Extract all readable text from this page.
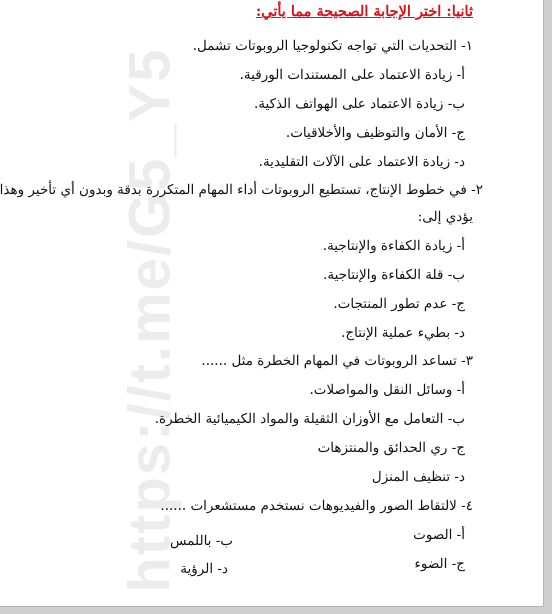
https://t.me/G5_Y5
ثانيا: اختر الإجابة الصحيحة مما يأتي:
١- التحديات التي تواجه تكنولوجيا الروبوتات تشمل.
أ- زيادة الاعتماد على المستندات الورقية.
ب- زيادة الاعتماد على الهواتف الذكية.
ج- الأمان والتوظيف والأخلاقيات.
د- زيادة الاعتماد على الآلات التقليدية.
٢- في خطوط الإنتاج، تستطيع الروبوتات أداء المهام المتكررة بدقة وبدون أي تأخير وهذا
يؤدي إلى:
أ- زيادة الكفاءة والإنتاجية.
ب- قلة الكفاءة والإنتاجية.
ج- عدم تطور المنتجات.
د- بطيء عملية الإنتاج.
٣- تساعد الروبوتات في المهام الخطرة مثل ......
أ- وسائل النقل والمواصلات.
ب- التعامل مع الأوزان الثقيلة والمواد الكيميائية الخطرة.
ج- ري الحدائق والمنتزهات
د- تنظيف المنزل
٤- لالتقاط الصور والفيديوهات نستخدم مستشعرات ......
أ- الصوت
ب- باللمس
ج- الضوء
د- الرؤية
